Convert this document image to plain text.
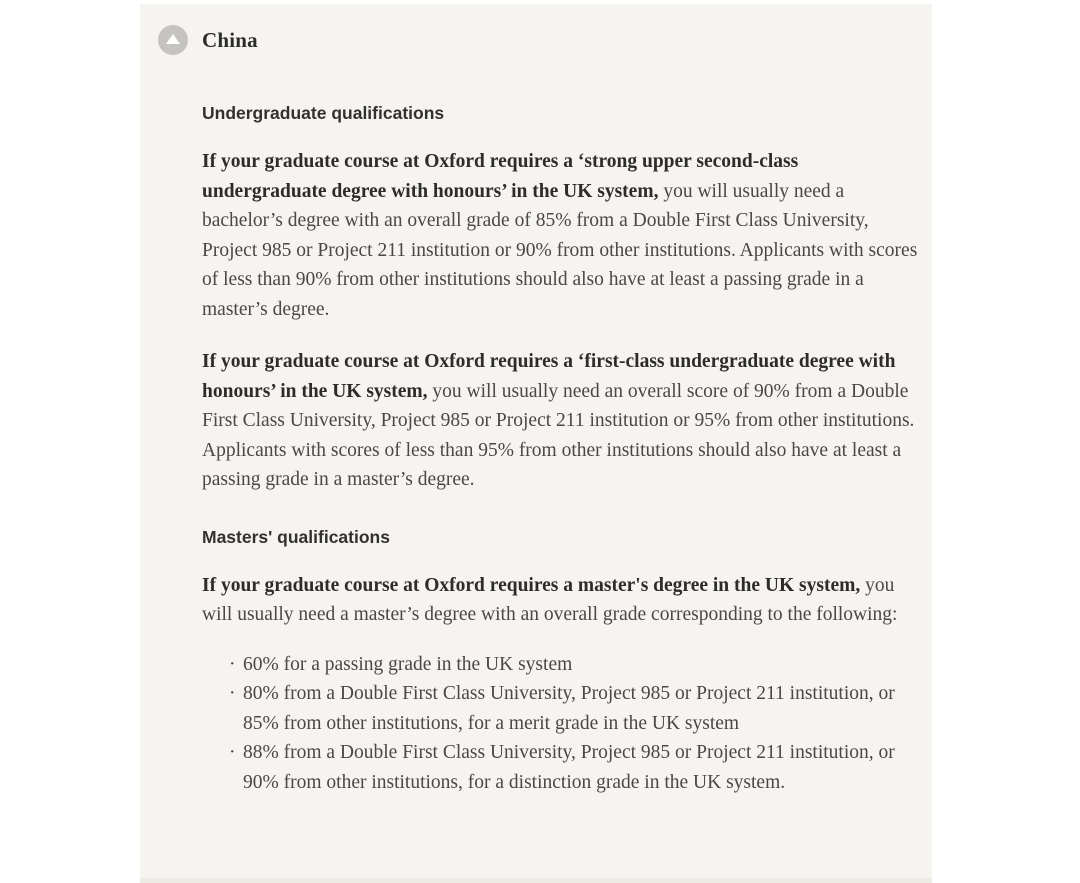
China
Undergraduate qualifications

If your graduate course at Oxford requires a ‘strong upper second-class undergraduate degree with honours’ in the UK system, you will usually need a bachelor’s degree with an overall grade of 85% from a Double First Class University, Project 985 or Project 211 institution or 90% from other institutions. Applicants with scores of less than 90% from other institutions should also have at least a passing grade in a master’s degree.

If your graduate course at Oxford requires a ‘first-class undergraduate degree with honours’ in the UK system, you will usually need an overall score of 90% from a Double First Class University, Project 985 or Project 211 institution or 95% from other institutions. Applicants with scores of less than 95% from other institutions should also have at least a passing grade in a master’s degree.

Masters' qualifications

If your graduate course at Oxford requires a master's degree in the UK system, you will usually need a master’s degree with an overall grade corresponding to the following:

· 60% for a passing grade in the UK system
· 80% from a Double First Class University, Project 985 or Project 211 institution, or 85% from other institutions, for a merit grade in the UK system
· 88% from a Double First Class University, Project 985 or Project 211 institution, or 90% from other institutions, for a distinction grade in the UK system.
